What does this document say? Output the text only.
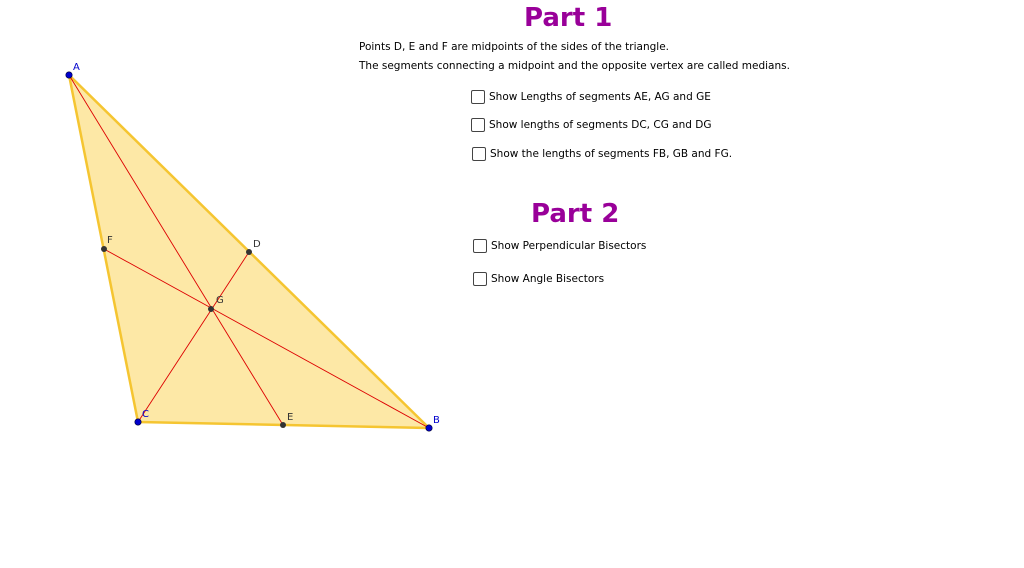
A
B
C
D
E
F
G
Part 1
Points D, E and F are midpoints of the sides of the triangle.
The segments connecting a midpoint and the opposite vertex are called medians.
Show Lengths of segments AE, AG and GE
Show lengths of segments DC, CG and DG
Show the lengths of segments FB, GB and FG.
Part 2
Show Perpendicular Bisectors
Show Angle Bisectors
